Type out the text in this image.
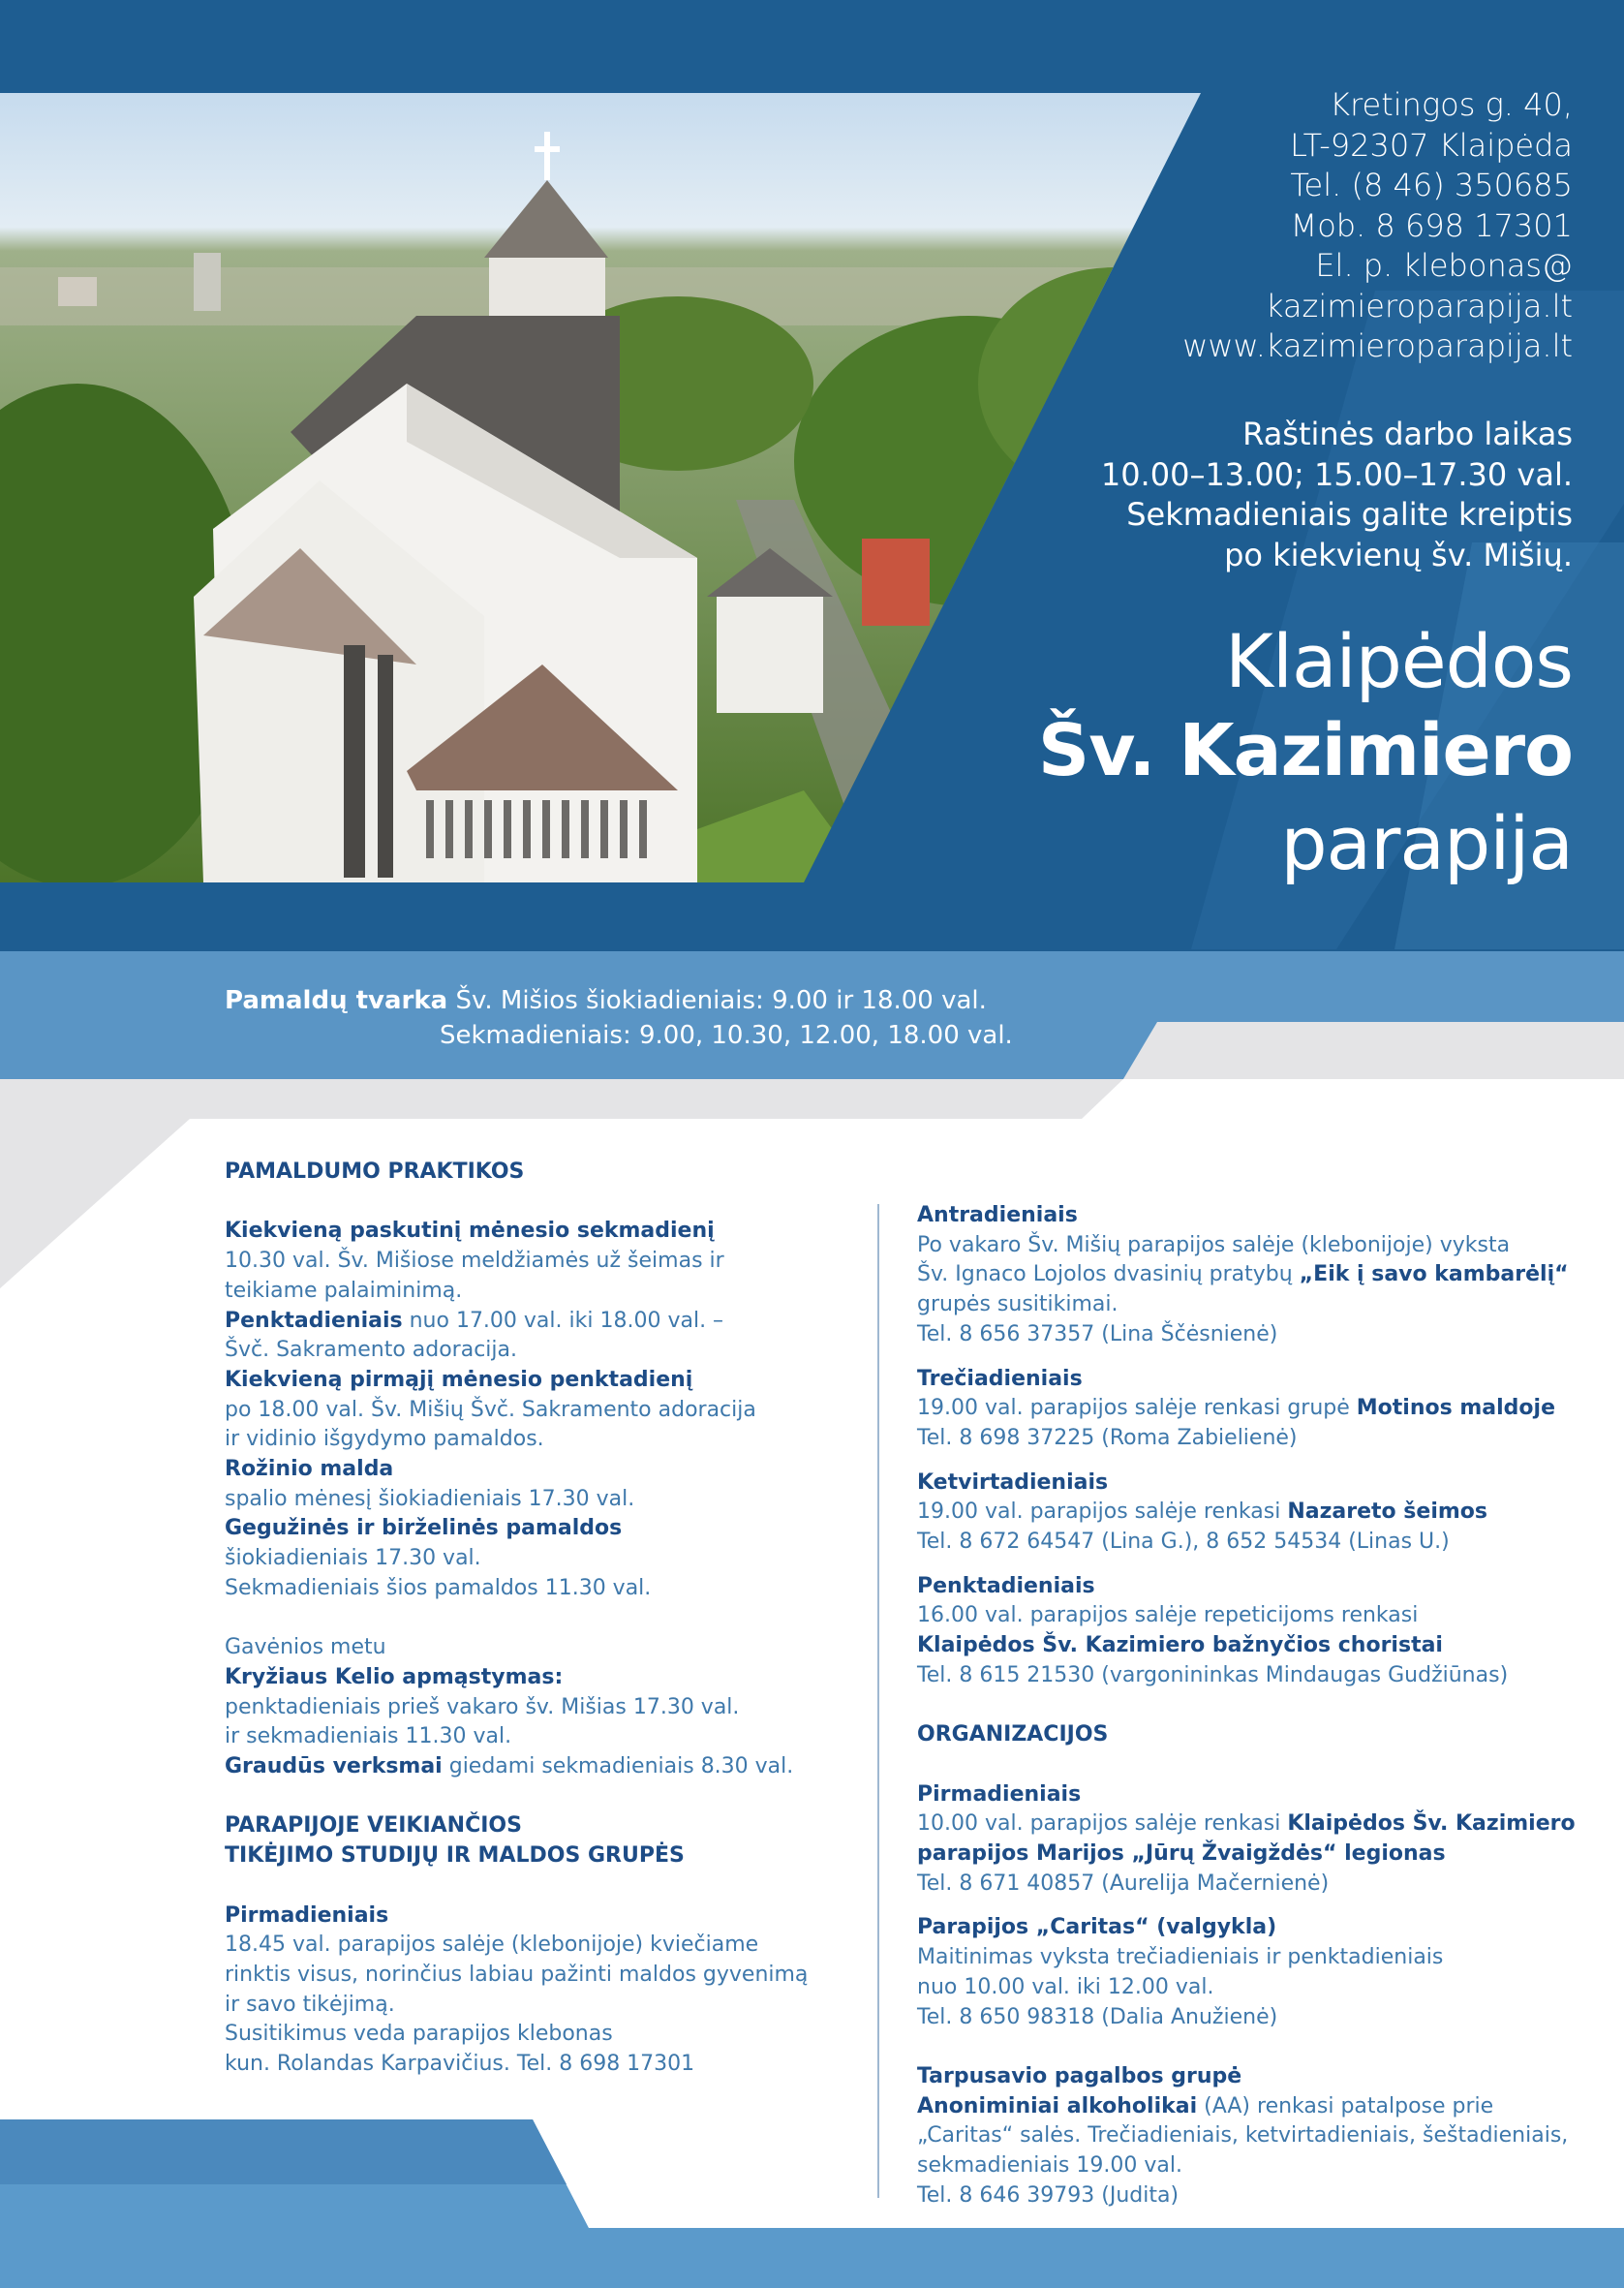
Kretingos g. 40,
LT-92307 Klaipėda
Tel. (8 46) 350685
Mob. 8 698 17301
El. p. klebonas@
kazimieroparapija.lt
www.kazimieroparapija.lt
Raštinės darbo laikas
10.00–13.00; 15.00–17.30 val.
Sekmadieniais galite kreiptis
po kiekvienų šv. Mišių.
Klaipėdos
Šv. Kazimiero
parapija
Pamaldų tvarka Šv. Mišios šiokiadieniais: 9.00 ir 18.00 val.
Sekmadieniais: 9.00, 10.30, 12.00, 18.00 val.
PAMALDUMO PRAKTIKOS
Kiekvieną paskutinį mėnesio sekmadienį
10.30 val. Šv. Mišiose meldžiamės už šeimas ir
teikiame palaiminimą.
Penktadieniais nuo 17.00 val. iki 18.00 val. –
Švč. Sakramento adoracija.
Kiekvieną pirmąjį mėnesio penktadienį
po 18.00 val. Šv. Mišių Švč. Sakramento adoracija
ir vidinio išgydymo pamaldos.
Rožinio malda
spalio mėnesį šiokiadieniais 17.30 val.
Gegužinės ir birželinės pamaldos
šiokiadieniais 17.30 val.
Sekmadieniais šios pamaldos 11.30 val.
Gavėnios metu
Kryžiaus Kelio apmąstymas:
penktadieniais prieš vakaro šv. Mišias 17.30 val.
ir sekmadieniais 11.30 val.
Graudūs verksmai giedami sekmadieniais 8.30 val.
PARAPIJOJE VEIKIANČIOS
TIKĖJIMO STUDIJŲ IR MALDOS GRUPĖS
Pirmadieniais
18.45 val. parapijos salėje (klebonijoje) kviečiame
rinktis visus, norinčius labiau pažinti maldos gyvenimą
ir savo tikėjimą.
Susitikimus veda parapijos klebonas
kun. Rolandas Karpavičius. Tel. 8 698 17301
Antradieniais
Po vakaro Šv. Mišių parapijos salėje (klebonijoje) vyksta
Šv. Ignaco Lojolos dvasinių pratybų „Eik į savo kambarėlį“
grupės susitikimai.
Tel. 8 656 37357 (Lina Ščėsnienė)
Trečiadieniais
19.00 val. parapijos salėje renkasi grupė Motinos maldoje
Tel. 8 698 37225 (Roma Zabielienė)
Ketvirtadieniais
19.00 val. parapijos salėje renkasi Nazareto šeimos
Tel. 8 672 64547 (Lina G.), 8 652 54534 (Linas U.)
Penktadieniais
16.00 val. parapijos salėje repeticijoms renkasi
Klaipėdos Šv. Kazimiero bažnyčios choristai
Tel. 8 615 21530 (vargonininkas Mindaugas Gudžiūnas)
ORGANIZACIJOS
Pirmadieniais
10.00 val. parapijos salėje renkasi Klaipėdos Šv. Kazimiero
parapijos Marijos „Jūrų Žvaigždės“ legionas
Tel. 8 671 40857 (Aurelija Mačernienė)
Parapijos „Caritas“ (valgykla)
Maitinimas vyksta trečiadieniais ir penktadieniais
nuo 10.00 val. iki 12.00 val.
Tel. 8 650 98318 (Dalia Anužienė)
Tarpusavio pagalbos grupė
Anoniminiai alkoholikai (AA) renkasi patalpose prie
„Caritas“ salės. Trečiadieniais, ketvirtadieniais, šeštadieniais,
sekmadieniais 19.00 val.
Tel. 8 646 39793 (Judita)
